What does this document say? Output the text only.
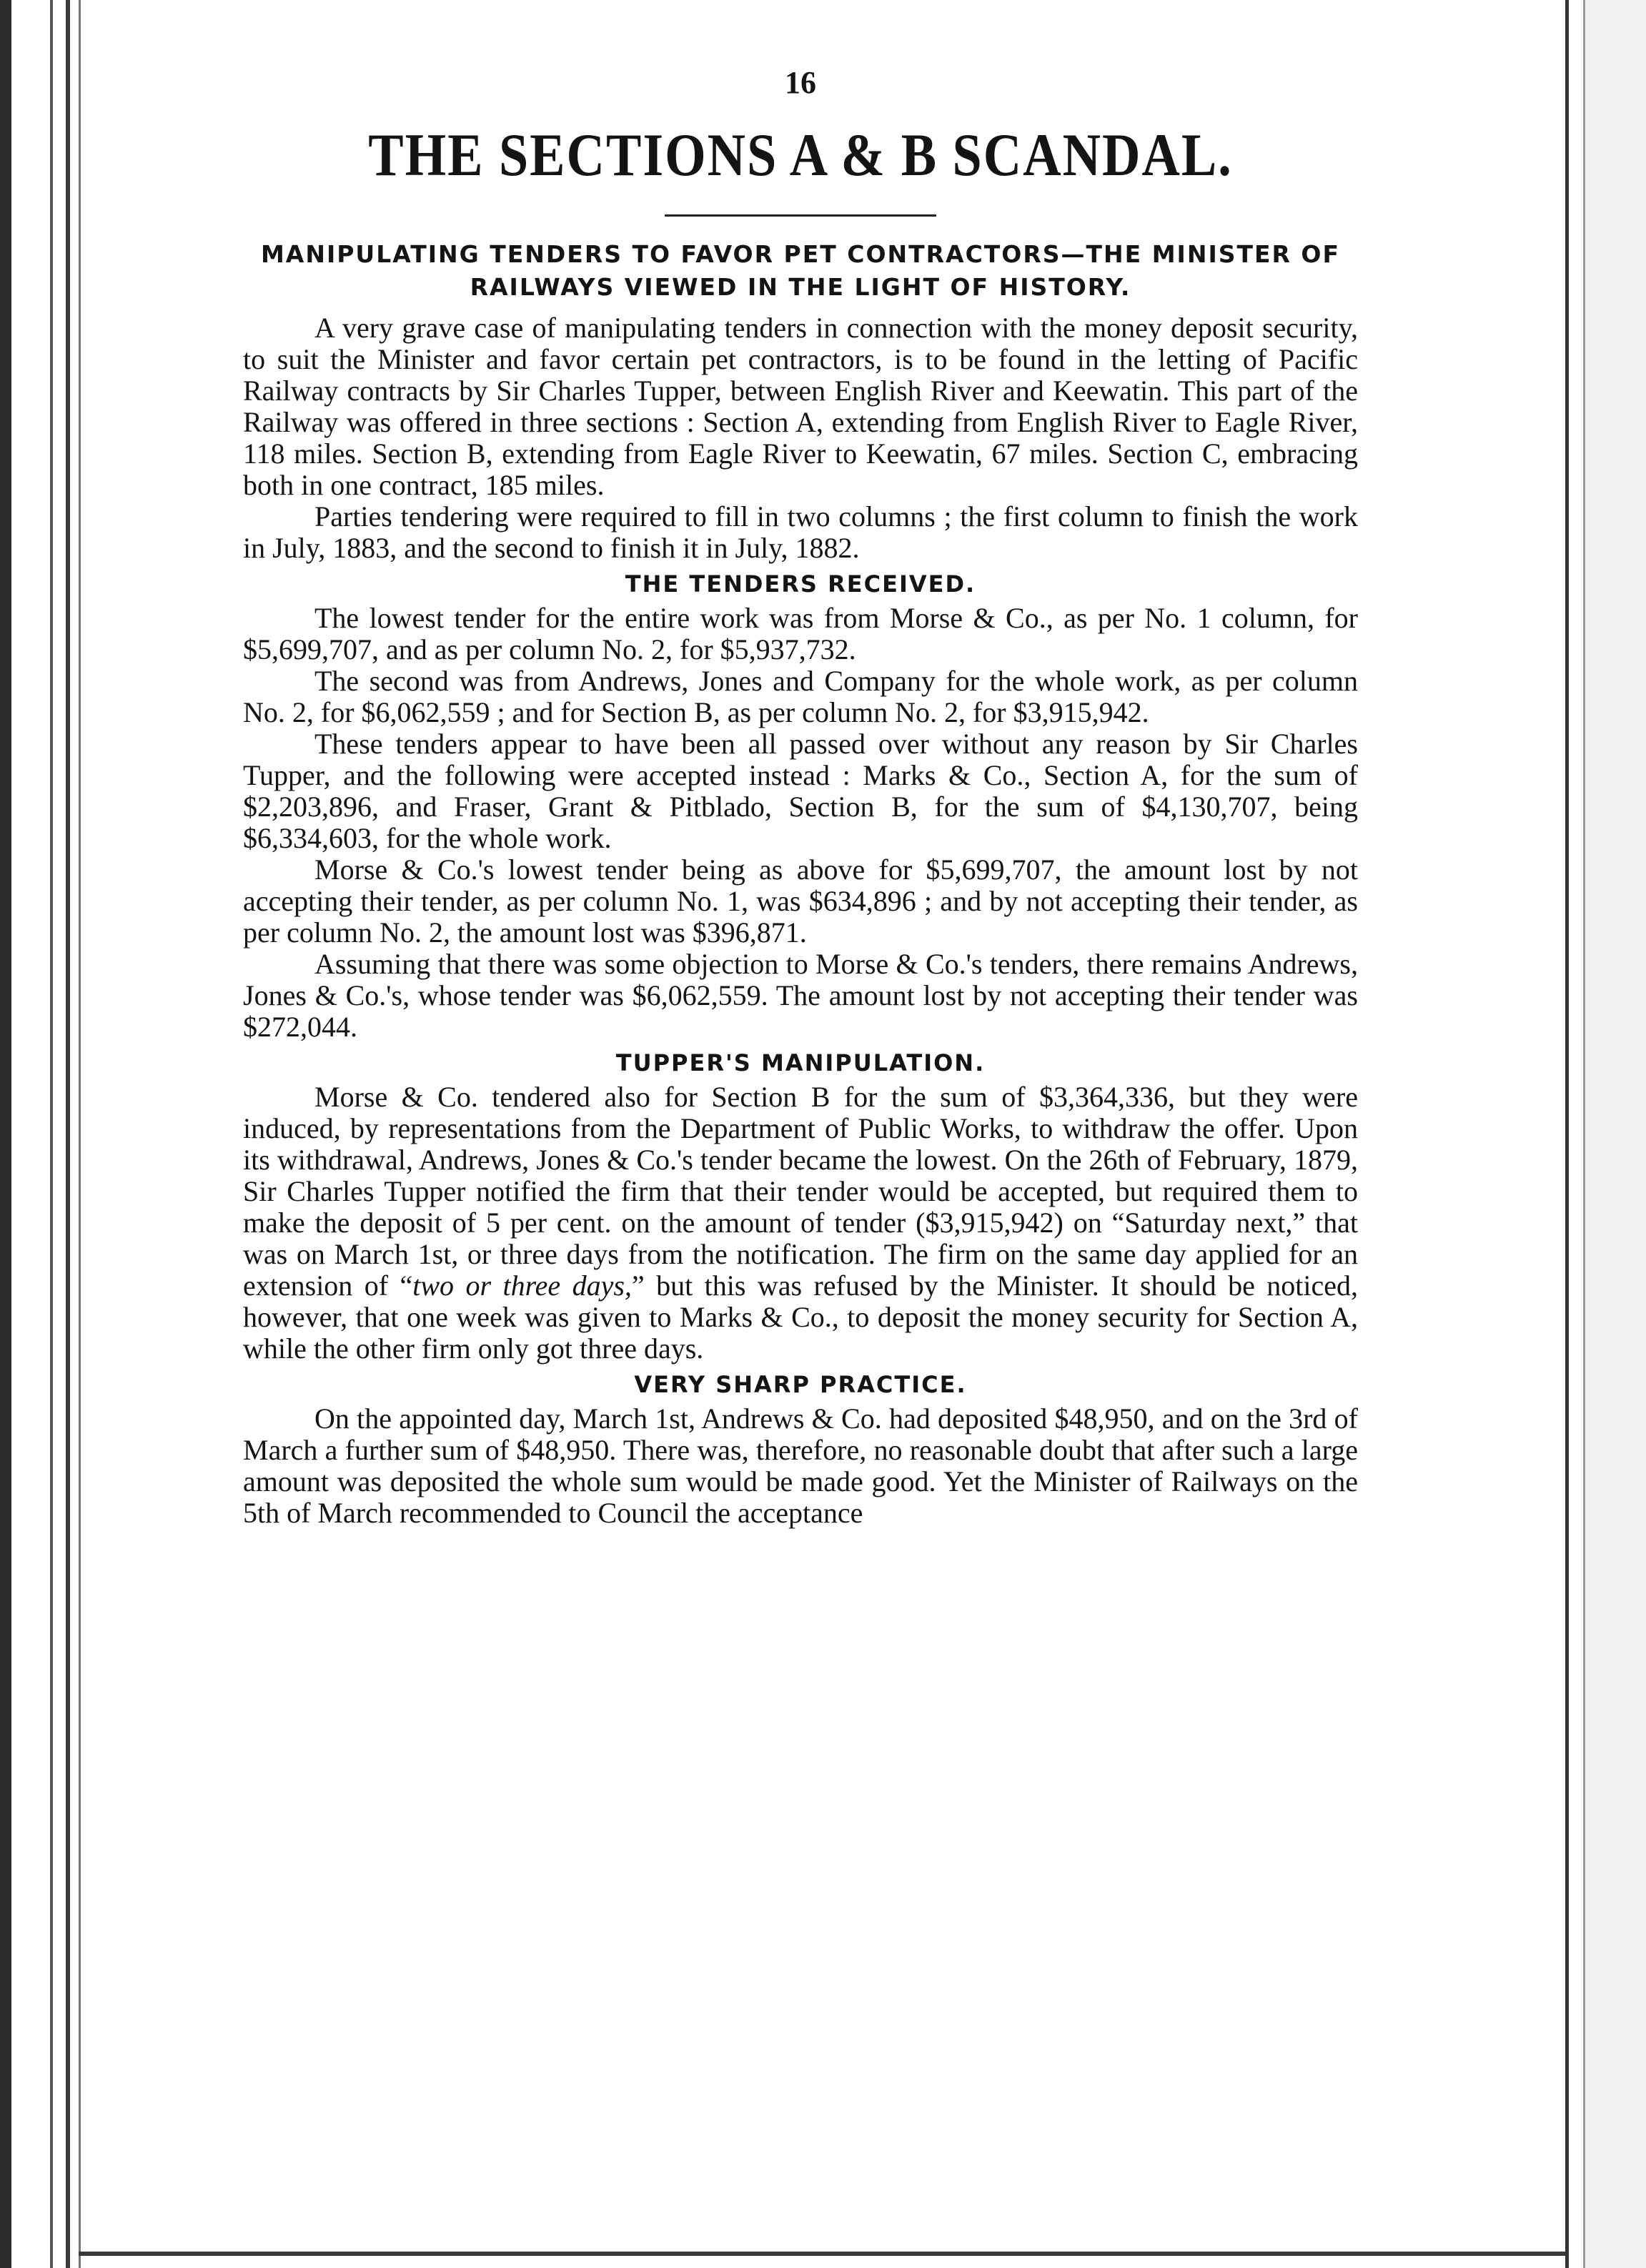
16
THE SECTIONS A & B SCANDAL.
MANIPULATING TENDERS TO FAVOR PET CONTRACTORS—THE MINISTER OF RAILWAYS VIEWED IN THE LIGHT OF HISTORY.

A very grave case of manipulating tenders in connection with the money deposit security, to suit the Minister and favor certain pet contractors, is to be found in the letting of Pacific Railway contracts by Sir Charles Tupper, between English River and Keewatin. This part of the Railway was offered in three sections : Section A, extending from English River to Eagle River, 118 miles. Section B, extending from Eagle River to Keewatin, 67 miles. Section C, embracing both in one contract, 185 miles.

Parties tendering were required to fill in two columns ; the first column to finish the work in July, 1883, and the second to finish it in July, 1882.

THE TENDERS RECEIVED.

The lowest tender for the entire work was from Morse & Co., as per No. 1 column, for $5,699,707, and as per column No. 2, for $5,937,732.

The second was from Andrews, Jones and Company for the whole work, as per column No. 2, for $6,062,559 ; and for Section B, as per column No. 2, for $3,915,942.

These tenders appear to have been all passed over without any reason by Sir Charles Tupper, and the following were accepted instead : Marks & Co., Section A, for the sum of $2,203,896, and Fraser, Grant & Pitblado, Section B, for the sum of $4,130,707, being $6,334,603, for the whole work.

Morse & Co.'s lowest tender being as above for $5,699,707, the amount lost by not accepting their tender, as per column No. 1, was $634,896 ; and by not accepting their tender, as per column No. 2, the amount lost was $396,871.

Assuming that there was some objection to Morse & Co.'s tenders, there remains Andrews, Jones & Co.'s, whose tender was $6,062,559. The amount lost by not accepting their tender was $272,044.

TUPPER'S MANIPULATION.

Morse & Co. tendered also for Section B for the sum of $3,364,336, but they were induced, by representations from the Department of Public Works, to withdraw the offer. Upon its withdrawal, Andrews, Jones & Co.'s tender became the lowest. On the 26th of February, 1879, Sir Charles Tupper notified the firm that their tender would be accepted, but required them to make the deposit of 5 per cent. on the amount of tender ($3,915,942) on “Saturday next,” that was on March 1st, or three days from the notification. The firm on the same day applied for an extension of “two or three days,” but this was refused by the Minister. It should be noticed, however, that one week was given to Marks & Co., to deposit the money security for Section A, while the other firm only got three days.

VERY SHARP PRACTICE.

On the appointed day, March 1st, Andrews & Co. had deposited $48,950, and on the 3rd of March a further sum of $48,950. There was, therefore, no reasonable doubt that after such a large amount was deposited the whole sum would be made good. Yet the Minister of Railways on the 5th of March recommended to Council the acceptance
